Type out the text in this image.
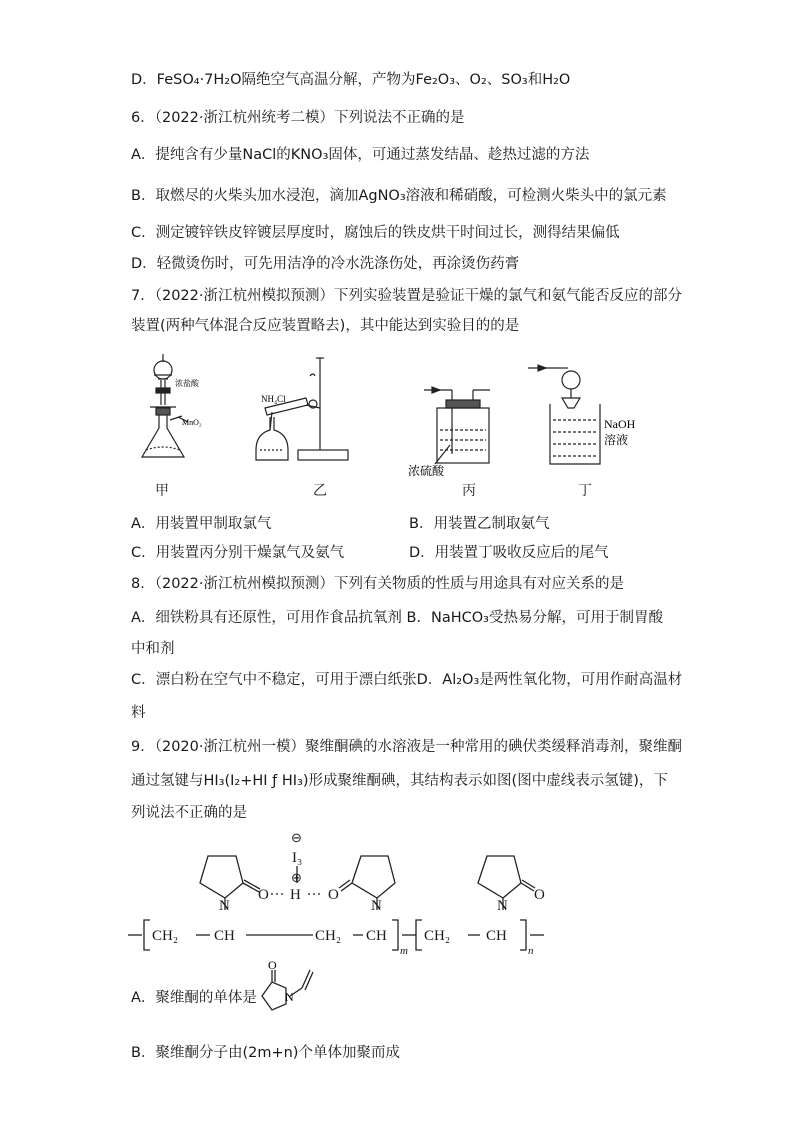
D．FeSO₄·7H₂O隔绝空气高温分解，产物为Fe₂O₃、O₂、SO₃和H₂O
6．（2022·浙江杭州统考二模）下列说法不正确的是
A．提纯含有少量NaCl的KNO₃固体，可通过蒸发结晶、趁热过滤的方法
B．取燃尽的火柴头加水浸泡，滴加AgNO₃溶液和稀硝酸，可检测火柴头中的氯元素
C．测定镀锌铁皮锌镀层厚度时，腐蚀后的铁皮烘干时间过长，测得结果偏低
D．轻微烫伤时，可先用洁净的冷水洗涤伤处，再涂烫伤药膏
7．（2022·浙江杭州模拟预测）下列实验装置是验证干燥的氯气和氨气能否反应的部分
装置(两种气体混合反应装置略去)，其中能达到实验目的的是
浓盐酸
MnO₂
NH₄Cl
浓硫酸
NaOH
溶液
甲	乙	丙	丁
A．用装置甲制取氯气	B．用装置乙制取氨气
C．用装置丙分别干燥氯气及氨气	D．用装置丁吸收反应后的尾气
8．（2022·浙江杭州模拟预测）下列有关物质的性质与用途具有对应关系的是
A．细铁粉具有还原性，可用作食品抗氧剂 B．NaHCO₃受热易分解，可用于制胃酸
中和剂
C．漂白粉在空气中不稳定，可用于漂白纸张D．Al₂O₃是两性氧化物，可用作耐高温材
料
9．（2020·浙江杭州一模）聚维酮碘的水溶液是一种常用的碘伏类缓释消毒剂，聚维酮
通过氢键与HI₃(I₂+HI ƒ HI₃)形成聚维酮碘，其结构表示如图(图中虚线表示氢键)，下
列说法不正确的是
⊖
I₃
⊕
O H O	O
N	N	N
CH₂ CH	CH₂ CH
m
CH₂ CH
n
A．聚维酮的单体是
O
N
B．聚维酮分子由(2m+n)个单体加聚而成
